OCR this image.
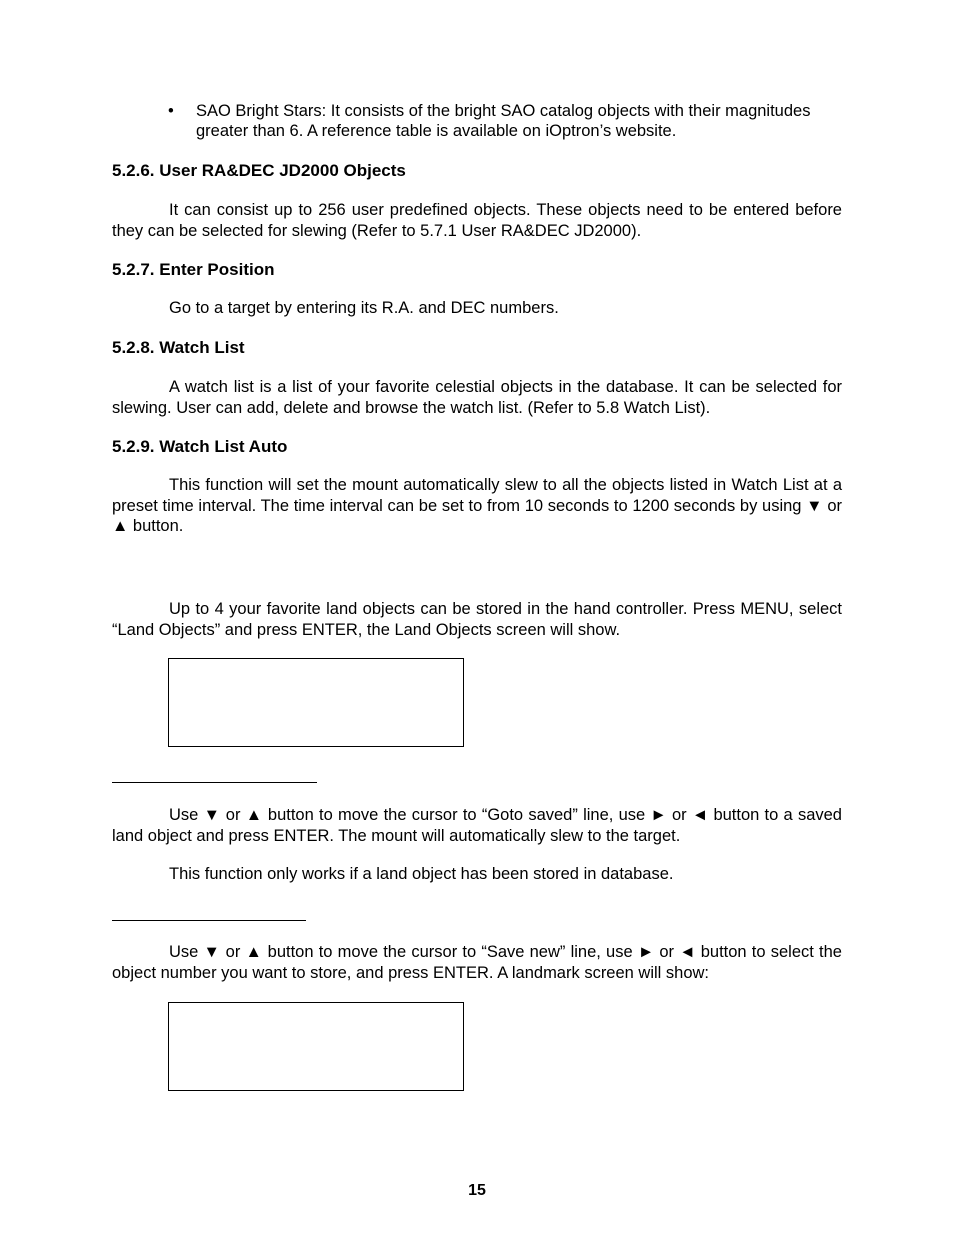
• SAO Bright Stars: It consists of the bright SAO catalog objects with their magnitudes greater than 6. A reference table is available on iOptron’s website.
5.2.6. User RA&DEC JD2000 Objects

It can consist up to 256 user predefined objects. These objects need to be entered before they can be selected for slewing (Refer to 5.7.1 User RA&DEC JD2000).

5.2.7. Enter Position

Go to a target by entering its R.A. and DEC numbers.

5.2.8. Watch List

A watch list is a list of your favorite celestial objects in the database. It can be selected for slewing. User can add, delete and browse the watch list. (Refer to 5.8 Watch List).

5.2.9. Watch List Auto

This function will set the mount automatically slew to all the objects listed in Watch List at a preset time interval. The time interval can be set to from 10 seconds to 1200 seconds by using ▼ or ▲ button.

Up to 4 your favorite land objects can be stored in the hand controller. Press MENU, select “Land Objects” and press ENTER, the Land Objects screen will show.

Use ▼ or ▲ button to move the cursor to “Goto saved” line, use ► or ◄ button to a saved land object and press ENTER. The mount will automatically slew to the target.

This function only works if a land object has been stored in database.

Use ▼ or ▲ button to move the cursor to “Save new” line, use ► or ◄ button to select the object number you want to store, and press ENTER. A landmark screen will show:

15
